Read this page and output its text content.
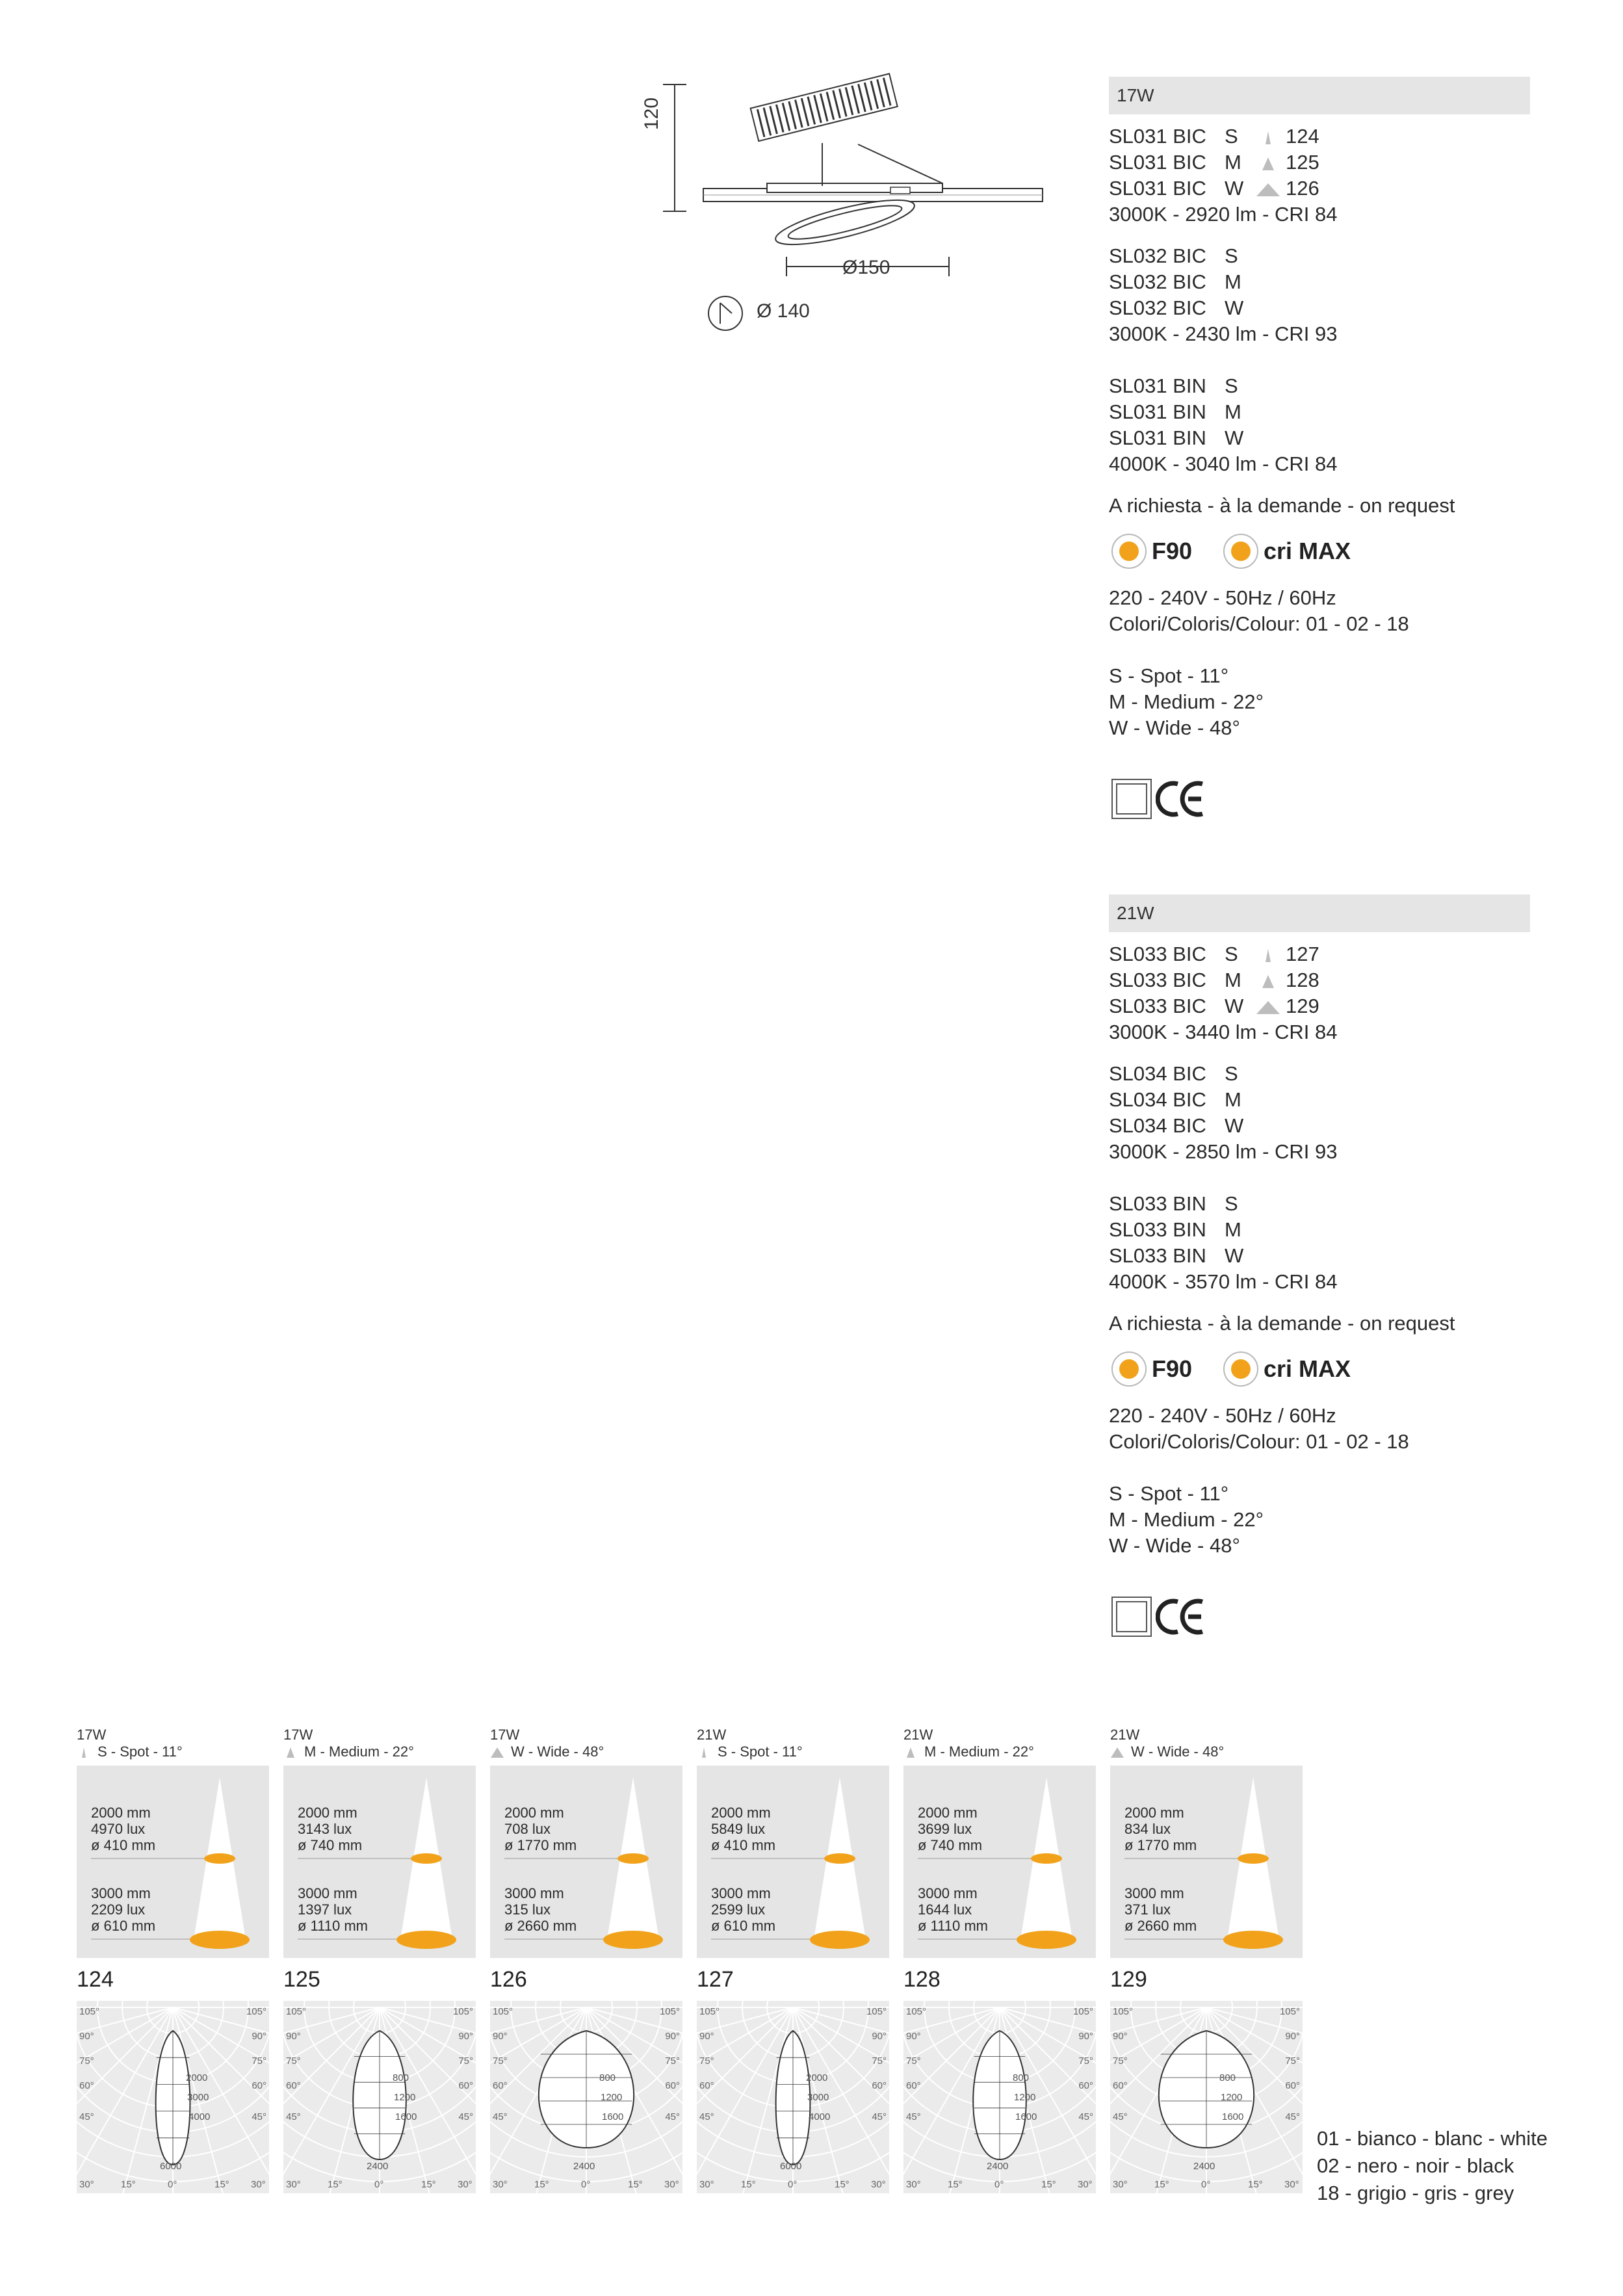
120
Ø150
Ø 140
17W
SL031 BIC S 124
SL031 BIC M 125
SL031 BIC W 126
3000K - 2920 lm - CRI 84
SL032 BIC S
SL032 BIC M
SL032 BIC W
3000K - 2430 lm - CRI 93
SL031 BIN S
SL031 BIN M
SL031 BIN W
4000K - 3040 lm - CRI 84
A richiesta - à la demande - on request
F90	cri MAX
220 - 240V - 50Hz / 60Hz
Colori/Coloris/Colour: 01 - 02 - 18
S - Spot - 11°
M - Medium - 22°
W - Wide - 48°
21W
SL033 BIC S 127
SL033 BIC M 128
SL033 BIC W 129
3000K - 3440 lm - CRI 84
SL034 BIC S
SL034 BIC M
SL034 BIC W
3000K - 2850 lm - CRI 93
SL033 BIN S
SL033 BIN M
SL033 BIN W
4000K - 3570 lm - CRI 84
A richiesta - à la demande - on request
F90	cri MAX
220 - 240V - 50Hz / 60Hz
Colori/Coloris/Colour: 01 - 02 - 18
S - Spot - 11°
M - Medium - 22°
W - Wide - 48°
17W
S - Spot - 11°
2000 mm
4970 lux
ø 410 mm
3000 mm
2209 lux
ø 610 mm
124
105°	105°
90°	90°
75°	75°
60°	60°
45°	45°
30°	15°	0°	15° 30°
2000
3000
4000
6000
17W
M - Medium - 22°
2000 mm
3143 lux
ø 740 mm
3000 mm
1397 lux
ø 1110 mm
125
105°	105°
90°	90°
75°	75°
60°	60°
45°	45°
30°	15°	0°	15° 30°
800
1200
1600
2400
17W
W - Wide - 48°
2000 mm
708 lux
ø 1770 mm
3000 mm
315 lux
ø 2660 mm
126
105°	105°
90°	90°
75°	75°
60°	60°
45°	45°
30°	15°	0°	15° 30°
800
1200
1600
2400
21W
S - Spot - 11°
2000 mm
5849 lux
ø 410 mm
3000 mm
2599 lux
ø 610 mm
127
105°	105°
90°	90°
75°	75°
60°	60°
45°	45°
30°	15°	0°	15° 30°
2000
3000
4000
6000
21W
M - Medium - 22°
2000 mm
3699 lux
ø 740 mm
3000 mm
1644 lux
ø 1110 mm
128
105°	105°
90°	90°
75°	75°
60°	60°
45°	45°
30°	15°	0°	15° 30°
800
1200
1600
2400
21W
W - Wide - 48°
2000 mm
834 lux
ø 1770 mm
3000 mm
371 lux
ø 2660 mm
129
105°	105°
90°	90°
75°	75°
60°	60°
45°	45°
30°	15°	0°	15° 30°
800
1200
1600
2400
01 - bianco - blanc - white
02 - nero - noir - black
18 - grigio - gris - grey
